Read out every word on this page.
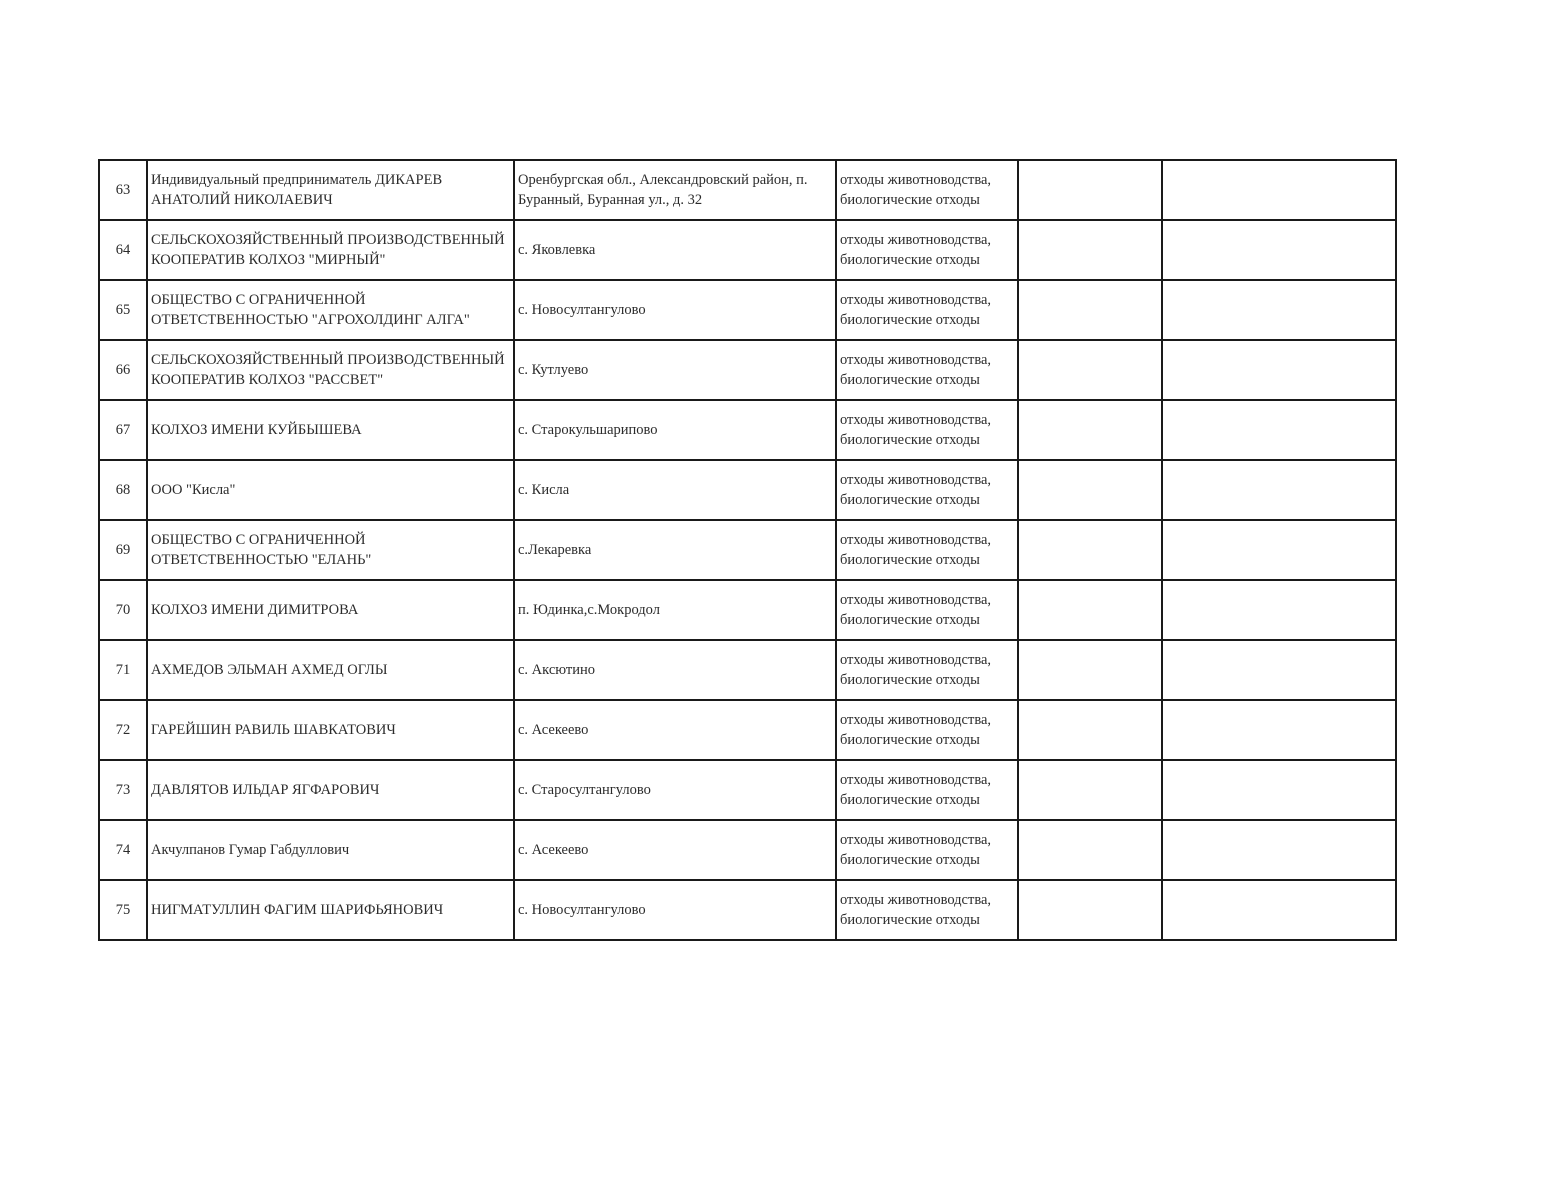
63	Индивидуальный предприниматель ДИКАРЕВ АНАТОЛИЙ НИКОЛАЕВИЧ	Оренбургская обл., Александровский район, п. Буранный, Буранная ул., д. 32	отходы животноводства, биологические отходы		
64	СЕЛЬСКОХОЗЯЙСТВЕННЫЙ ПРОИЗВОДСТВЕННЫЙ КООПЕРАТИВ КОЛХОЗ "МИРНЫЙ"	с. Яковлевка	отходы животноводства, биологические отходы		
65	ОБЩЕСТВО С ОГРАНИЧЕННОЙ ОТВЕТСТВЕННОСТЬЮ "АГРОХОЛДИНГ АЛГА"	с. Новосултангулово	отходы животноводства, биологические отходы		
66	СЕЛЬСКОХОЗЯЙСТВЕННЫЙ ПРОИЗВОДСТВЕННЫЙ КООПЕРАТИВ КОЛХОЗ "РАССВЕТ"	с. Кутлуево	отходы животноводства, биологические отходы		
67	КОЛХОЗ ИМЕНИ КУЙБЫШЕВА	с. Старокульшарипово	отходы животноводства, биологические отходы		
68	ООО "Кисла"	с. Кисла	отходы животноводства, биологические отходы		
69	ОБЩЕСТВО С ОГРАНИЧЕННОЙ ОТВЕТСТВЕННОСТЬЮ "ЕЛАНЬ"	с.Лекаревка	отходы животноводства, биологические отходы		
70	КОЛХОЗ ИМЕНИ ДИМИТРОВА	п. Юдинка,с.Мокродол	отходы животноводства, биологические отходы		
71	АХМЕДОВ ЭЛЬМАН АХМЕД ОГЛЫ	с. Аксютино	отходы животноводства, биологические отходы		
72	ГАРЕЙШИН РАВИЛЬ ШАВКАТОВИЧ	с. Асекеево	отходы животноводства, биологические отходы		
73	ДАВЛЯТОВ ИЛЬДАР ЯГФАРОВИЧ	с. Старосултангулово	отходы животноводства, биологические отходы		
74	Акчулпанов Гумар Габдуллович	с. Асекеево	отходы животноводства, биологические отходы		
75	НИГМАТУЛЛИН ФАГИМ ШАРИФЬЯНОВИЧ	с. Новосултангулово	отходы животноводства, биологические отходы		
